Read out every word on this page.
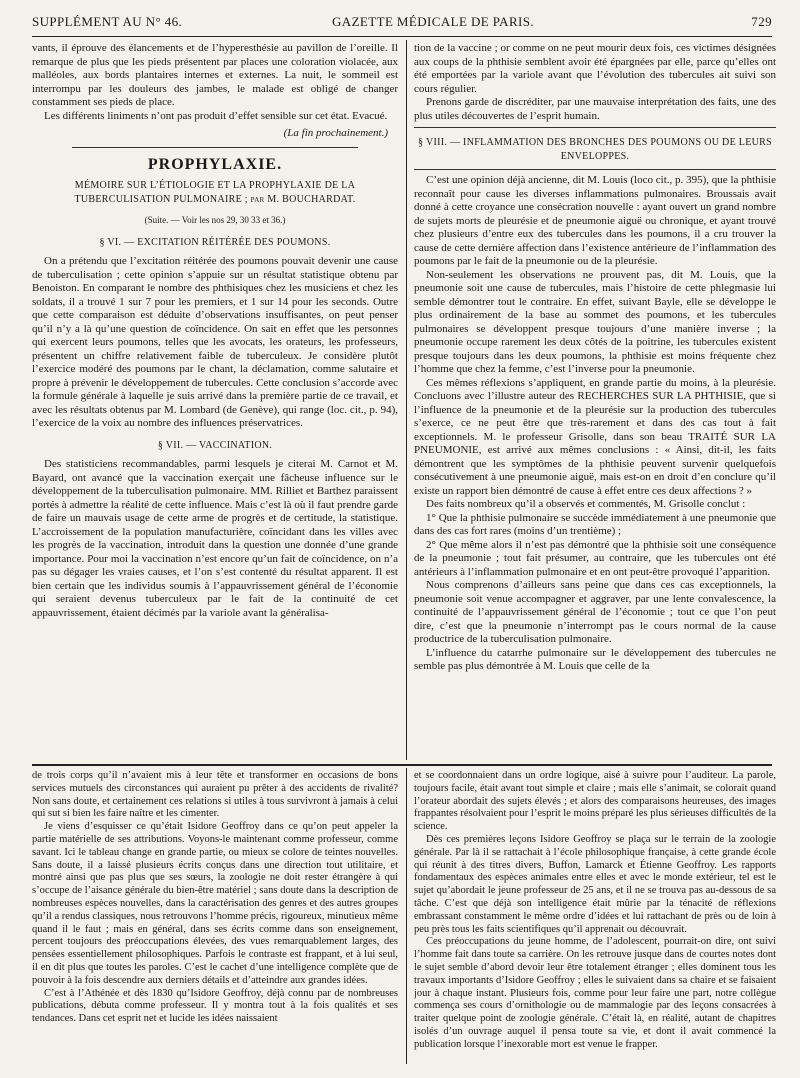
SUPPLÉMENT AU N° 46.	GAZETTE MÉDICALE DE PARIS.	729

vants, il éprouve des élancements et de l’hyperesthésie au pavillon de l’oreille. Il remarque de plus que les pieds présentent par places une coloration violacée, aux malléoles, aux bords plantaires internes et externes. La nuit, le sommeil est interrompu par les douleurs des jambes, le malade est obligé de changer constamment ses pieds de place.

Les différents liniments n’ont pas produit d’effet sensible sur cet état. Evacué.

(La fin prochainement.)

PROPHYLAXIE.
MÉMOIRE SUR L’ÉTIOLOGIE ET LA PROPHYLAXIE DE LA TUBERCULISATION PULMONAIRE ; par M. BOUCHARDAT.
(Suite. — Voir les nos 29, 30 33 et 36.)
§ VI. — EXCITATION RÉITÉRÉE DES POUMONS.

On a prétendu que l’excitation réitérée des poumons pouvait devenir une cause de tuberculisation ; cette opinion s’appuie sur un résultat statistique obtenu par Benoiston. En comparant le nombre des phthisiques chez les musiciens et chez les soldats, il a trouvé 1 sur 7 pour les premiers, et 1 sur 14 pour les seconds. Outre que cette comparaison est déduite d’observations insuffisantes, on peut penser qu’il n’y a là qu’une question de coïncidence. On sait en effet que les personnes qui exercent leurs poumons, telles que les avocats, les orateurs, les professeurs, présentent un chiffre relativement faible de tuberculeux. Je considère plutôt l’exercice modéré des poumons par le chant, la déclamation, comme salutaire et propre à prévenir le développement de tubercules. Cette conclusion s’accorde avec la formule générale à laquelle je suis arrivé dans la première partie de ce travail, et avec les résultats obtenus par M. Lombard (de Genève), qui range (loc. cit., p. 94), l’exercice de la voix au nombre des influences préservatrices.

§ VII. — VACCINATION.

Des statisticiens recommandables, parmi lesquels je citerai M. Carnot et M. Bayard, ont avancé que la vaccination exerçait une fâcheuse influence sur le développement de la tuberculisation pulmonaire. MM. Rilliet et Barthez paraissent portés à admettre la réalité de cette influence. Mais c’est là où il faut prendre garde de faire un mauvais usage de cette arme de progrès et de certitude, la statistique. L’accroissement de la population manufacturière, coïncidant dans les villes avec les progrès de la vaccination, introduit dans la question une donnée d’une grande importance. Pour moi la vaccination n’est encore qu’un fait de coïncidence, on n’a pas su dégager les vraies causes, et l’on s’est contenté du résultat apparent. Il est bien certain que les individus soumis à l’appauvrissement général de l’économie qui seraient devenus tuberculeux par le fait de la continuité de cet appauvrissement, étaient décimés par la variole avant la généralisa-

tion de la vaccine ; or comme on ne peut mourir deux fois, ces victimes désignées aux coups de la phthisie semblent avoir été épargnées par elle, parce qu’elles ont été emportées par la variole avant que l’évolution des tubercules ait suivi son cours régulier.

Prenons garde de discréditer, par une mauvaise interprétation des faits, une des plus utiles découvertes de l’esprit humain.

§ VIII. — INFLAMMATION DES BRONCHES DES POUMONS OU DE LEURS ENVELOPPES.

C’est une opinion déjà ancienne, dit M. Louis (loco cit., p. 395), que la phthisie reconnaît pour cause les diverses inflammations pulmonaires. Broussais avait donné à cette croyance une consécration nouvelle : ayant ouvert un grand nombre de sujets morts de pleurésie et de pneumonie aiguë ou chronique, et ayant trouvé chez plusieurs d’entre eux des tubercules dans les poumons, il a cru trouver la cause de cette dernière affection dans l’existence antérieure de l’inflammation des poumons par le fait de la pneumonie ou de la pleurésie.

Non-seulement les observations ne prouvent pas, dit M. Louis, que la pneumonie soit une cause de tubercules, mais l’histoire de cette phlegmasie lui semble démontrer tout le contraire. En effet, suivant Bayle, elle se développe le plus ordinairement de la base au sommet des poumons, et les tubercules pulmonaires se développent presque toujours d’une manière inverse ; la pneumonie occupe rarement les deux côtés de la poitrine, les tubercules existent presque toujours dans les deux poumons, la phthisie est moins fréquente chez l’homme que chez la femme, c’est l’inverse pour la pneumonie.

Ces mêmes réflexions s’appliquent, en grande partie du moins, à la pleurésie. Concluons avec l’illustre auteur des RECHERCHES SUR LA PHTHISIE, que si l’influence de la pneumonie et de la pleurésie sur la production des tubercules s’exerce, ce ne peut être que très-rarement et dans des cas tout à fait exceptionnels. M. le professeur Grisolle, dans son beau TRAITÉ SUR LA PNEUMONIE, est arrivé aux mêmes conclusions : « Ainsi, dit-il, les faits démontrent que les symptômes de la phthisie peuvent survenir quelquefois consécutivement à une pneumonie aiguë, mais est-on en droit d’en conclure qu’il existe un rapport bien démontré de cause à effet entre ces deux affections ? »

Des faits nombreux qu’il a observés et commentés, M. Grisolle conclut :

1° Que la phthisie pulmonaire se succède immédiatement à une pneumonie que dans des cas fort rares (moins d’un trentième) ;

2° Que même alors il n’est pas démontré que la phthisie soit une conséquence de la pneumonie ; tout fait présumer, au contraire, que les tubercules ont été antérieurs à l’inflammation pulmonaire et en ont peut-être provoqué l’apparition.

Nous comprenons d’ailleurs sans peine que dans ces cas exceptionnels, la pneumonie soit venue accompagner et aggraver, par une lente convalescence, la continuité de l’appauvrissement général de l’économie ; tout ce que l’on peut dire, c’est que la pneumonie n’interrompt pas le cours normal de la cause productrice de la tuberculisation pulmonaire.

L’influence du catarrhe pulmonaire sur le développement des tubercules ne semble pas plus démontrée à M. Louis que celle de la

de trois corps qu’il n’avaient mis à leur tête et transformer en occasions de bons services mutuels des circonstances qui auraient pu prêter à des accidents de rivalité? Non sans doute, et certainement ces relations si utiles à tous survivront à jamais à celui qui sut si bien les faire naître et les cimenter.

Je viens d’esquisser ce qu’était Isidore Geoffroy dans ce qu’on peut appeler la partie matérielle de ses attributions. Voyons-le maintenant comme professeur, comme savant. Ici le tableau change en grande partie, ou mieux se colore de teintes nouvelles. Sans doute, il a laissé plusieurs écrits conçus dans une direction tout utilitaire, et montré ainsi que pas plus que ses sœurs, la zoologie ne doit rester étrangère à qui s’occupe de l’aisance générale du bien-être matériel ; sans doute dans la description de nombreuses espèces nouvelles, dans la caractérisation des genres et des autres groupes qu’il a rendus classiques, nous retrouvons l’homme précis, rigoureux, minutieux même quand il le faut ; mais en général, dans ses écrits comme dans son enseignement, percent toujours des préoccupations élevées, des vues remarquablement larges, des pensées essentiellement philosophiques. Parfois le contraste est frappant, et à lui seul, il en dit plus que toutes les paroles. C’est le cachet d’une intelligence complète que de pouvoir à la fois descendre aux derniers détails et d’atteindre aux grandes idées.

C’est à l’Athénée et dès 1830 qu’Isidore Geoffroy, déjà connu par de nombreuses publications, débuta comme professeur. Il y montra tout à la fois qualités et ses tendances. Dans cet esprit net et lucide les idées naissaient

et se coordonnaient dans un ordre logique, aisé à suivre pour l’auditeur. La parole, toujours facile, était avant tout simple et claire ; mais elle s’animait, se colorait quand l’orateur abordait des sujets élevés ; et alors des comparaisons heureuses, des images frappantes résolvaient pour l’esprit le moins préparé les plus sérieuses difficultés de la science.

Dès ces premières leçons Isidore Geoffroy se plaça sur le terrain de la zoologie générale. Par là il se rattachait à l’école philosophique française, à cette grande école qui réunit à des titres divers, Buffon, Lamarck et Étienne Geoffroy. Les rapports fondamentaux des espèces animales entre elles et avec le monde extérieur, tel est le sujet qu’abordait le jeune professeur de 25 ans, et il ne se trouva pas au-dessous de sa tâche. C’est que déjà son intelligence était mûrie par la ténacité de réflexions embrassant constamment le même ordre d’idées et lui rattachant de près ou de loin à peu près tous les faits scientifiques qu’il apprenait ou découvrait.

Ces préoccupations du jeune homme, de l’adolescent, pourrait-on dire, ont suivi l’homme fait dans toute sa carrière. On les retrouve jusque dans de courtes notes dont le sujet semble d’abord devoir leur être totalement étranger ; elles dominent tous les travaux importants d’Isidore Geoffroy ; elles le suivaient dans sa chaire et se faisaient jour à chaque instant. Plusieurs fois, comme pour leur faire une part, notre collègue commença ses cours d’ornithologie ou de mammalogie par des leçons consacrées à traiter quelque point de zoologie générale. C’était là, en réalité, autant de chapitres isolés d’un ouvrage auquel il pensa toute sa vie, et dont il avait commencé la publication lorsque l’inexorable mort est venue le frapper.
